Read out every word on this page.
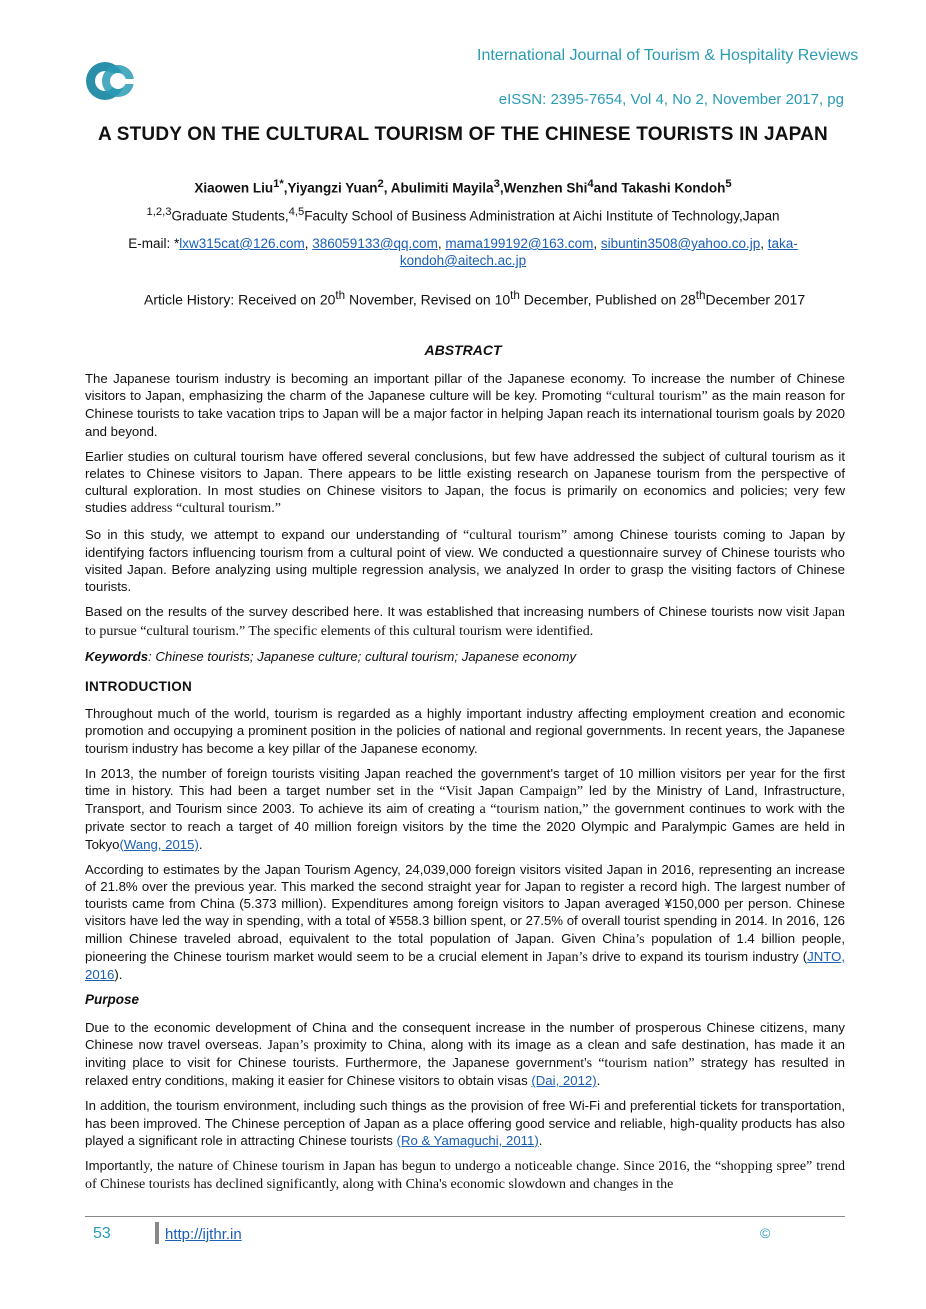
International Journal of Tourism & Hospitality Reviews
eISSN: 2395-7654, Vol 4, No 2, November 2017, pg
A STUDY ON THE CULTURAL TOURISM OF THE CHINESE TOURISTS IN JAPAN
Xiaowen Liu$^{1*}$,Yiyangzi Yuan$^2$, Abulimiti Mayila$^3$,Wenzhen Shi$^4$and Takashi Kondoh$^5$
$^{1,2,3}$Graduate Students,$^{4,5}$Faculty School of Business Administration at Aichi Institute of Technology,Japan
E-mail: *lxw315cat@126.com, 386059133@qq.com, mama199192@163.com, sibuntin3508@yahoo.co.jp, taka-kondoh@aitech.ac.jp
Article History: Received on 20th November, Revised on 10th December, Published on 28thDecember 2017
ABSTRACT

The Japanese tourism industry is becoming an important pillar of the Japanese economy. To increase the number of Chinese visitors to Japan, emphasizing the charm of the Japanese culture will be key. Promoting “cultural tourism” as the main reason for Chinese tourists to take vacation trips to Japan will be a major factor in helping Japan reach its international tourism goals by 2020 and beyond.

Earlier studies on cultural tourism have offered several conclusions, but few have addressed the subject of cultural tourism as it relates to Chinese visitors to Japan. There appears to be little existing research on Japanese tourism from the perspective of cultural exploration. In most studies on Chinese visitors to Japan, the focus is primarily on economics and policies; very few studies address “cultural tourism.”

So in this study, we attempt to expand our understanding of “cultural tourism” among Chinese tourists coming to Japan by identifying factors influencing tourism from a cultural point of view. We conducted a questionnaire survey of Chinese tourists who visited Japan. Before analyzing using multiple regression analysis, we analyzed In order to grasp the visiting factors of Chinese tourists.

Based on the results of the survey described here. It was established that increasing numbers of Chinese tourists now visit Japan to pursue “cultural tourism.” The specific elements of this cultural tourism were identified.

Keywords: Chinese tourists; Japanese culture; cultural tourism; Japanese economy

INTRODUCTION

Throughout much of the world, tourism is regarded as a highly important industry affecting employment creation and economic promotion and occupying a prominent position in the policies of national and regional governments. In recent years, the Japanese tourism industry has become a key pillar of the Japanese economy.

In 2013, the number of foreign tourists visiting Japan reached the government's target of 10 million visitors per year for the first time in history. This had been a target number set in the “Visit Japan Campaign” led by the Ministry of Land, Infrastructure, Transport, and Tourism since 2003. To achieve its aim of creating a “tourism nation,” the government continues to work with the private sector to reach a target of 40 million foreign visitors by the time the 2020 Olympic and Paralympic Games are held in Tokyo(Wang, 2015).

According to estimates by the Japan Tourism Agency, 24,039,000 foreign visitors visited Japan in 2016, representing an increase of 21.8% over the previous year. This marked the second straight year for Japan to register a record high. The largest number of tourists came from China (5.373 million). Expenditures among foreign visitors to Japan averaged ¥150,000 per person. Chinese visitors have led the way in spending, with a total of ¥558.3 billion spent, or 27.5% of overall tourist spending in 2014. In 2016, 126 million Chinese traveled abroad, equivalent to the total population of Japan. Given China’s population of 1.4 billion people, pioneering the Chinese tourism market would seem to be a crucial element in Japan’s drive to expand its tourism industry (JNTO, 2016).

Purpose

Due to the economic development of China and the consequent increase in the number of prosperous Chinese citizens, many Chinese now travel overseas. Japan’s proximity to China, along with its image as a clean and safe destination, has made it an inviting place to visit for Chinese tourists. Furthermore, the Japanese government's “tourism nation” strategy has resulted in relaxed entry conditions, making it easier for Chinese visitors to obtain visas (Dai, 2012).

In addition, the tourism environment, including such things as the provision of free Wi-Fi and preferential tickets for transportation, has been improved. The Chinese perception of Japan as a place offering good service and reliable, high-quality products has also played a significant role in attracting Chinese tourists (Ro & Yamaguchi, 2011).

Importantly, the nature of Chinese tourism in Japan has begun to undergo a noticeable change. Since 2016, the “shopping spree” trend of Chinese tourists has declined significantly, along with China's economic slowdown and changes in the

53	http://ijthr.in	©
